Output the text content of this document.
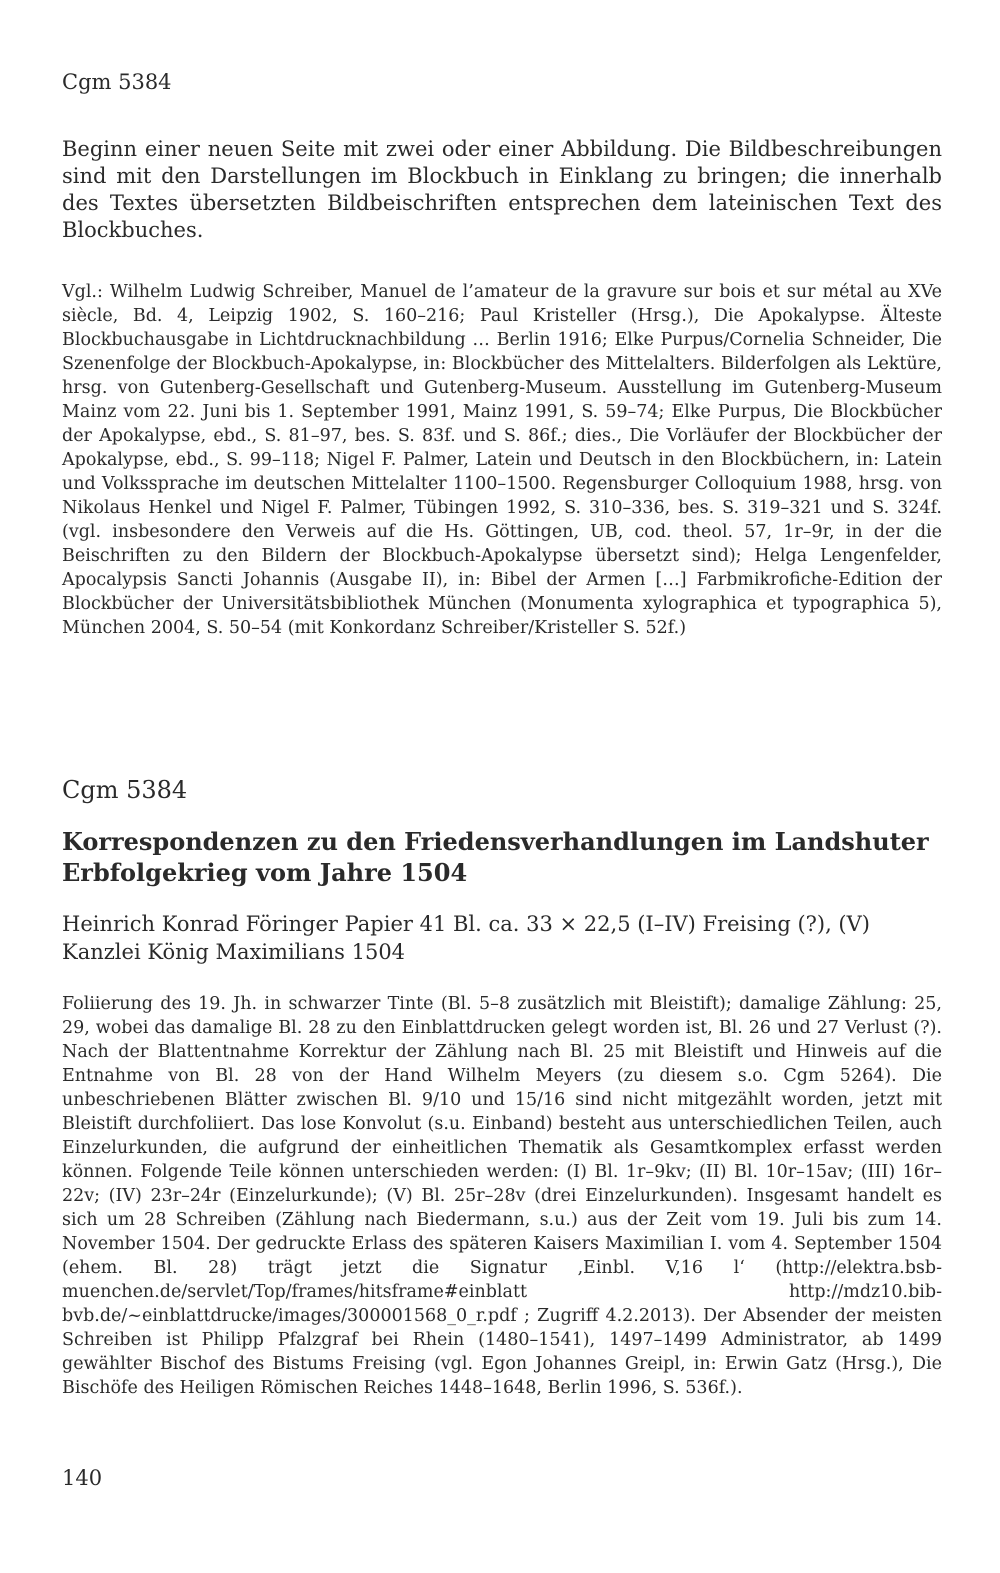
Cgm 5384

Beginn einer neuen Seite mit zwei oder einer Abbildung. Die Bildbeschreibungen sind mit den Darstellungen im Blockbuch in Einklang zu bringen; die innerhalb des Textes übersetzten Bildbeischriften entsprechen dem lateinischen Text des Blockbuches.

Vgl.: Wilhelm Ludwig Schreiber, Manuel de l’amateur de la gravure sur bois et sur métal au XVe siècle, Bd. 4, Leipzig 1902, S. 160–216; Paul Kristeller (Hrsg.), Die Apokalypse. Älteste Blockbuchausgabe in Lichtdrucknachbildung … Berlin 1916; Elke Purpus/Cornelia Schneider, Die Szenenfolge der Blockbuch-Apokalypse, in: Blockbücher des Mittelalters. Bilderfolgen als Lektüre, hrsg. von Gutenberg-Gesellschaft und Gutenberg-Museum. Ausstellung im Gutenberg-Museum Mainz vom 22. Juni bis 1. September 1991, Mainz 1991, S. 59–74; Elke Purpus, Die Blockbücher der Apokalypse, ebd., S. 81–97, bes. S. 83f. und S. 86f.; dies., Die Vorläufer der Blockbücher der Apokalypse, ebd., S. 99–118; Nigel F. Palmer, Latein und Deutsch in den Blockbüchern, in: Latein und Volkssprache im deutschen Mittelalter 1100–1500. Regensburger Colloquium 1988, hrsg. von Nikolaus Henkel und Nigel F. Palmer, Tübingen 1992, S. 310–336, bes. S. 319–321 und S. 324f. (vgl. insbesondere den Verweis auf die Hs. Göttingen, UB, cod. theol. 57, 1r–9r, in der die Beischriften zu den Bildern der Blockbuch-Apokalypse übersetzt sind); Helga Lengenfelder, Apocalypsis Sancti Johannis (Ausgabe II), in: Bibel der Armen […] Farbmikrofiche-Edition der Blockbücher der Universitätsbibliothek München (Monumenta xylographica et typographica 5), München 2004, S. 50–54 (mit Konkordanz Schreiber/Kristeller S. 52f.)

Cgm 5384
Korrespondenzen zu den Friedensverhandlungen im Landshuter Erbfolgekrieg vom Jahre 1504
Heinrich Konrad Föringer Papier 41 Bl. ca. 33 × 22,5 (I–IV) Freising (?), (V) Kanzlei König Maximilians 1504

Foliierung des 19. Jh. in schwarzer Tinte (Bl. 5–8 zusätzlich mit Bleistift); damalige Zählung: 25, 29, wobei das damalige Bl. 28 zu den Einblattdrucken gelegt worden ist, Bl. 26 und 27 Verlust (?). Nach der Blattentnahme Korrektur der Zählung nach Bl. 25 mit Bleistift und Hinweis auf die Entnahme von Bl. 28 von der Hand Wilhelm Meyers (zu diesem s.o. Cgm 5264). Die unbeschriebenen Blätter zwischen Bl. 9/10 und 15/16 sind nicht mitgezählt worden, jetzt mit Bleistift durchfoliiert. Das lose Konvolut (s.u. Einband) besteht aus unterschiedlichen Teilen, auch Einzelurkunden, die aufgrund der einheitlichen Thematik als Gesamtkomplex erfasst werden können. Folgende Teile können unterschieden werden: (I) Bl. 1r–9kv; (II) Bl. 10r–15av; (III) 16r–22v; (IV) 23r–24r (Einzelurkunde); (V) Bl. 25r–28v (drei Einzelurkunden). Insgesamt handelt es sich um 28 Schreiben (Zählung nach Biedermann, s.u.) aus der Zeit vom 19. Juli bis zum 14. November 1504. Der gedruckte Erlass des späteren Kaisers Maximilian I. vom 4. September 1504 (ehem. Bl. 28) trägt jetzt die Signatur ‚Einbl. V,16 l‘ (http://elektra.bsb-muenchen.de/servlet/Top/frames/hitsframe#einblatt http://mdz10.bib-bvb.de/~einblattdrucke/images/300001568_0_r.pdf ; Zugriff 4.2.2013). Der Absender der meisten Schreiben ist Philipp Pfalzgraf bei Rhein (1480–1541), 1497–1499 Administrator, ab 1499 gewählter Bischof des Bistums Freising (vgl. Egon Johannes Greipl, in: Erwin Gatz (Hrsg.), Die Bischöfe des Heiligen Römischen Reiches 1448–1648, Berlin 1996, S. 536f.).

140
